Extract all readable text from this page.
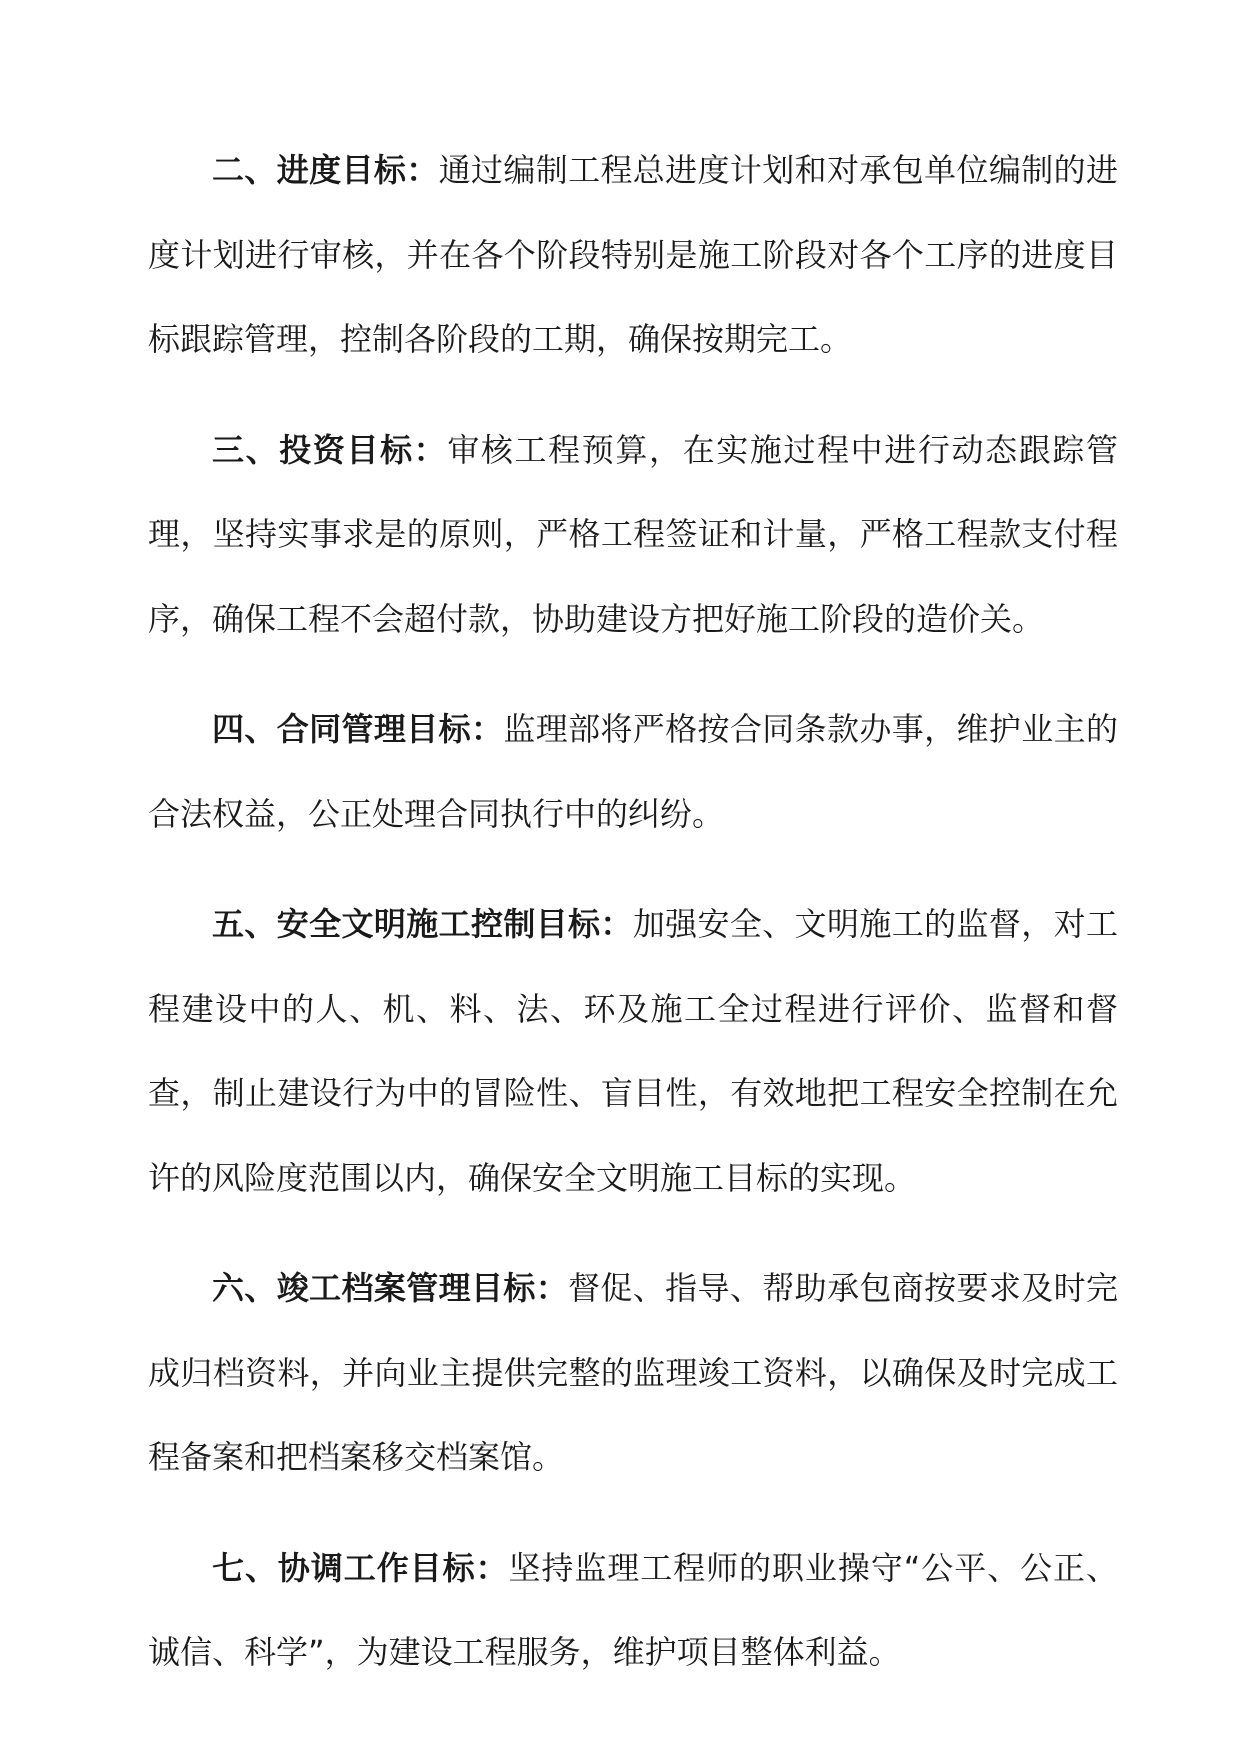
二、进度目标：通过编制工程总进度计划和对承包单位编制的进度计划进行审核，并在各个阶段特别是施工阶段对各个工序的进度目标跟踪管理，控制各阶段的工期，确保按期完工。

三、投资目标：审核工程预算，在实施过程中进行动态跟踪管理，坚持实事求是的原则，严格工程签证和计量，严格工程款支付程序，确保工程不会超付款，协助建设方把好施工阶段的造价关。

四、合同管理目标：监理部将严格按合同条款办事，维护业主的合法权益，公正处理合同执行中的纠纷。

五、安全文明施工控制目标：加强安全、文明施工的监督，对工程建设中的人、机、料、法、环及施工全过程进行评价、监督和督查，制止建设行为中的冒险性、盲目性，有效地把工程安全控制在允许的风险度范围以内，确保安全文明施工目标的实现。

六、竣工档案管理目标：督促、指导、帮助承包商按要求及时完成归档资料，并向业主提供完整的监理竣工资料，以确保及时完成工程备案和把档案移交档案馆。

七、协调工作目标：坚持监理工程师的职业操守“公平、公正、诚信、科学”，为建设工程服务，维护项目整体利益。
